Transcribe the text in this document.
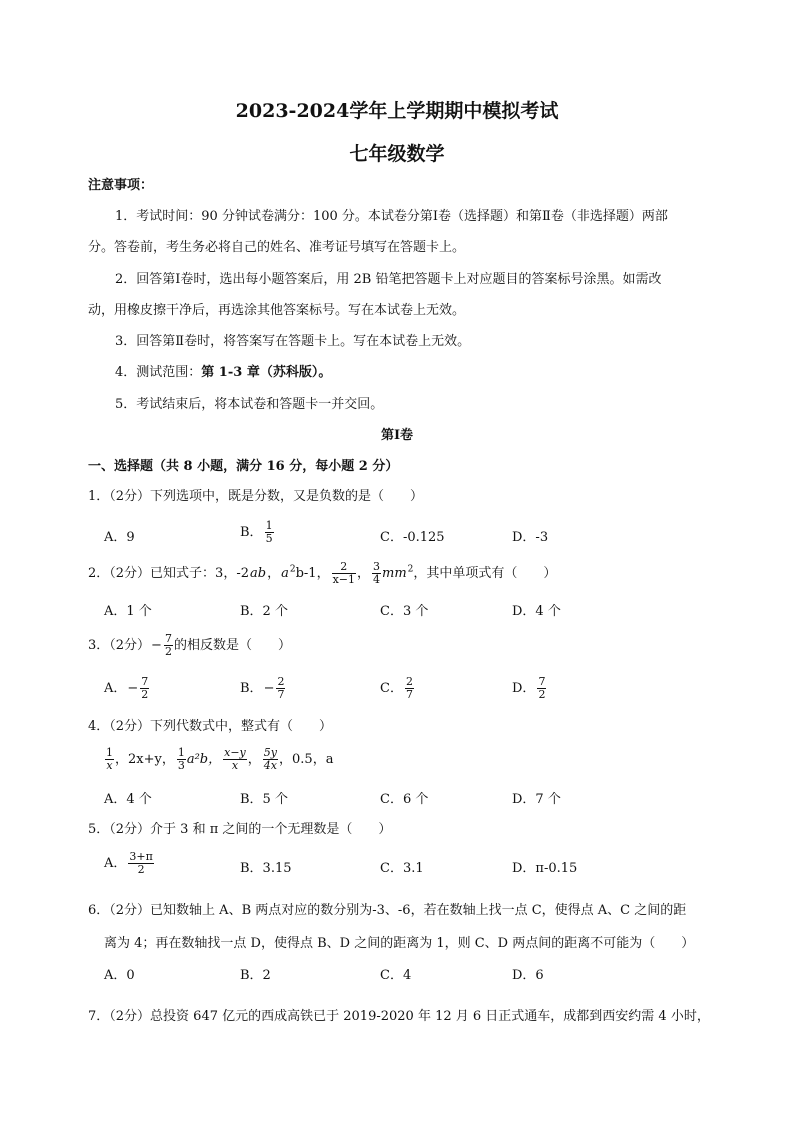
2023-2024学年上学期期中模拟考试
七年级数学
注意事项：
1．考试时间：90 分钟试卷满分：100 分。本试卷分第Ⅰ卷（选择题）和第Ⅱ卷（非选择题）两部
分。答卷前，考生务必将自己的姓名、准考证号填写在答题卡上。
2．回答第Ⅰ卷时，选出每小题答案后，用 2B 铅笔把答题卡上对应题目的答案标号涂黑。如需改
动，用橡皮擦干净后，再选涂其他答案标号。写在本试卷上无效。
3．回答第Ⅱ卷时，将答案写在答题卡上。写在本试卷上无效。
4．测试范围：第 1-3 章（苏科版）。
5．考试结束后，将本试卷和答题卡一并交回。
第Ⅰ卷
一、选择题（共 8 小题，满分 16 分，每小题 2 分）
1．（2分）下列选项中，既是分数，又是负数的是（　　）
A．9	B． $\frac{1}{5}$	C．-0.125	D．-3
2．（2分）已知式子：3，-2ab，$a^2b-1$， $\frac{2}{x-1}$ ， $\frac{3}{4} mm^2$，其中单项式有（　　）
A．1 个	B．2 个	C．3 个	D．4 个
3．（2分）− $\frac{7}{2}$ 的相反数是（　　）
A．− $\frac{7}{2}$	B．− $\frac{2}{7}$	C． $\frac{2}{7}$	D． $\frac{7}{2}$
4．（2分）下列代数式中，整式有（　　）
$\frac{1}{x}$ ，2x+y， $\frac{1}{3} a^2b$， $\frac{x-y}{x}$ ， $\frac{5y}{4x}$ ，0.5，a
A．4 个	B．5 个	C．6 个	D．7 个
5．（2分）介于 3 和 π 之间的一个无理数是（　　）
A． $\frac{3+\pi}{2}$	B．3.15	C．3.1	D．π-0.15
6．（2分）已知数轴上 A、B 两点对应的数分别为-3、-6，若在数轴上找一点 C，使得点 A、C 之间的距
离为 4；再在数轴找一点 D，使得点 B、D 之间的距离为 1，则 C、D 两点间的距离不可能为（　　）
A．0	B．2	C．4	D．6
7．（2分）总投资 647 亿元的西成高铁已于 2019-2020 年 12 月 6 日正式通车，成都到西安约需 4 小时，
